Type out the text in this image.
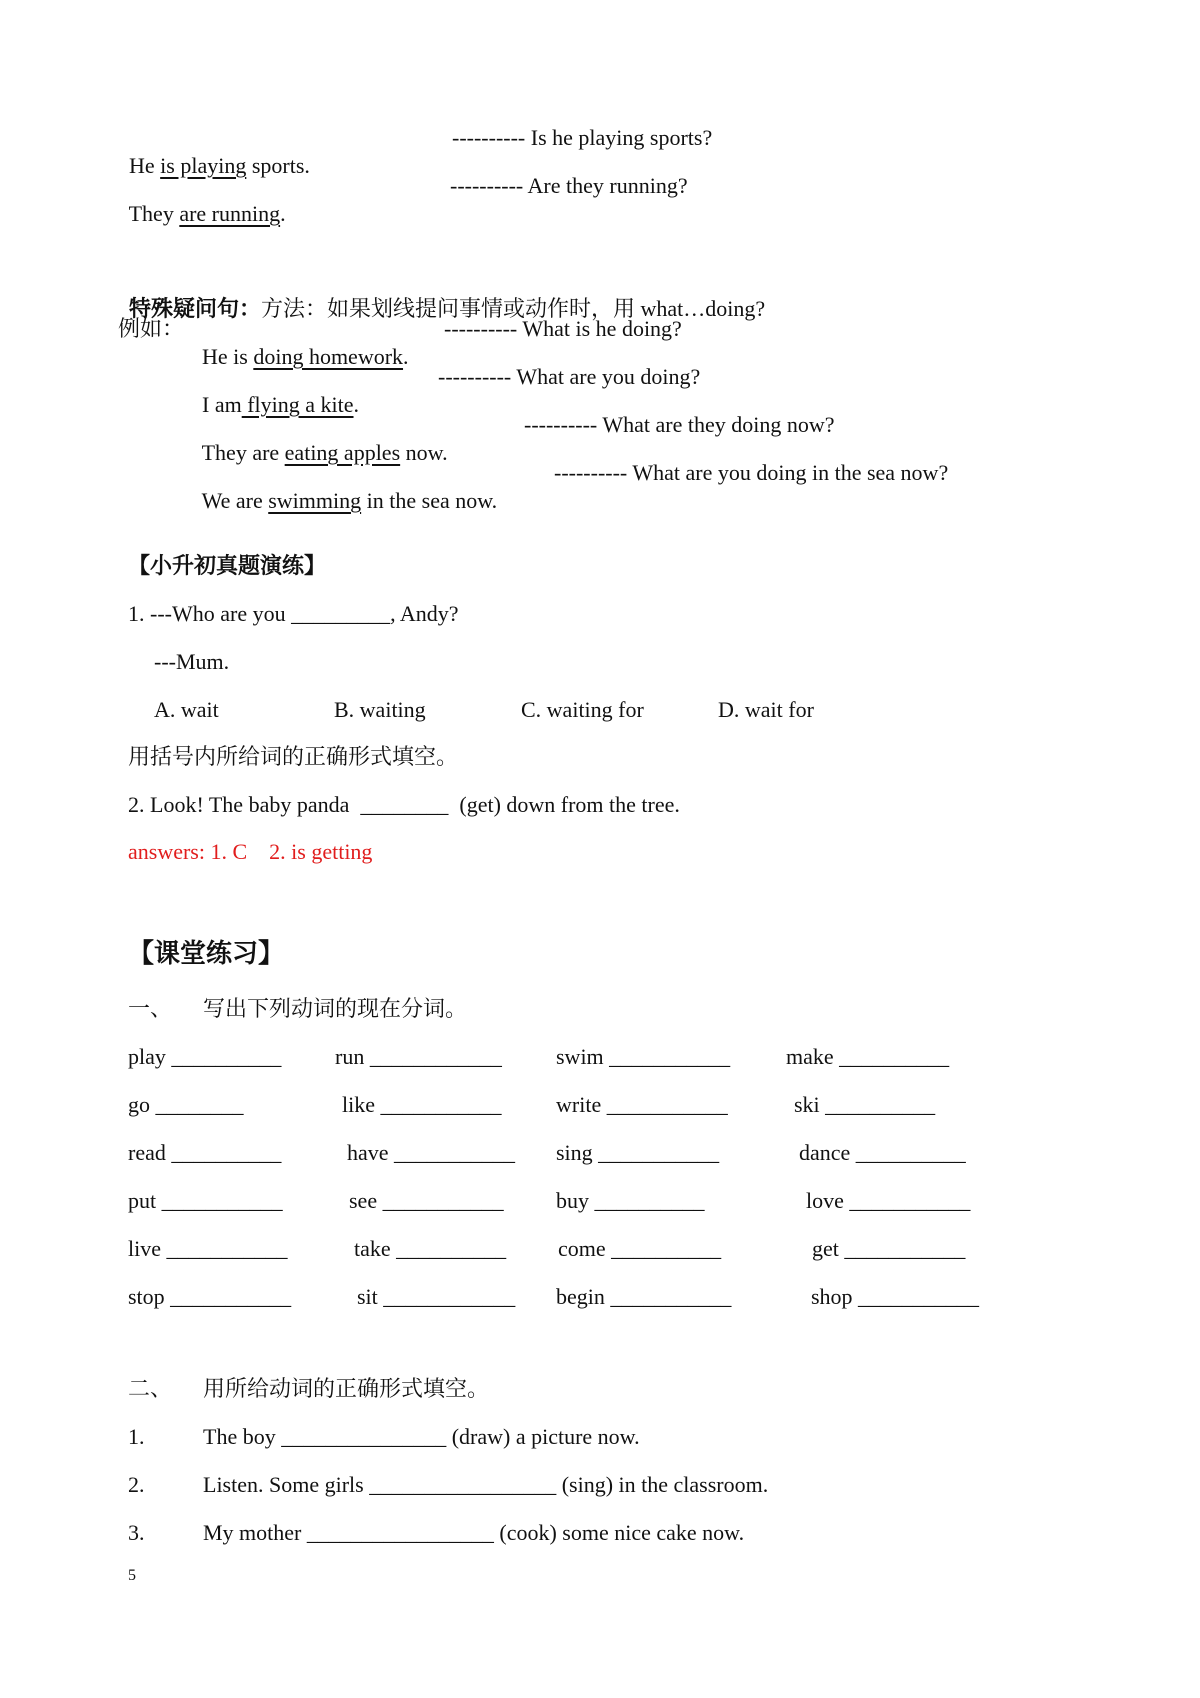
He is playing sports.

---------- Is he playing sports?

They are running.

---------- Are they running?

特殊疑问句：方法：如果划线提问事情或动作时，用 what…doing?

例如：

He is doing homework.

---------- What is he doing?

I am flying a kite.

---------- What are you doing?

They are eating apples now.

---------- What are they doing now?

We are swimming in the sea now.

---------- What are you doing in the sea now?
【小升初真题演练】
1. ---Who are you _________, Andy?
---Mum.
A. wait	B. waiting	C. waiting for	D. wait for
用括号内所给词的正确形式填空。
2. Look! The baby panda  ________  (get) down from the tree.
answers: 1. C    2. is getting
【课堂练习】
一、 写出下列动词的现在分词。
play __________ run ____________ swim ___________	make __________
go ________	like ___________ write ___________	ski __________
read __________	have ___________ sing ___________	dance __________
put ___________	see ___________ buy __________	love ___________
live ___________	take __________ come __________	get ___________
stop ___________	sit ____________ begin ___________	shop ___________
二、 用所给动词的正确形式填空。
1.	The boy _______________ (draw) a picture now.
2.	Listen. Some girls _________________ (sing) in the classroom.
3.	My mother _________________ (cook) some nice cake now.
5
